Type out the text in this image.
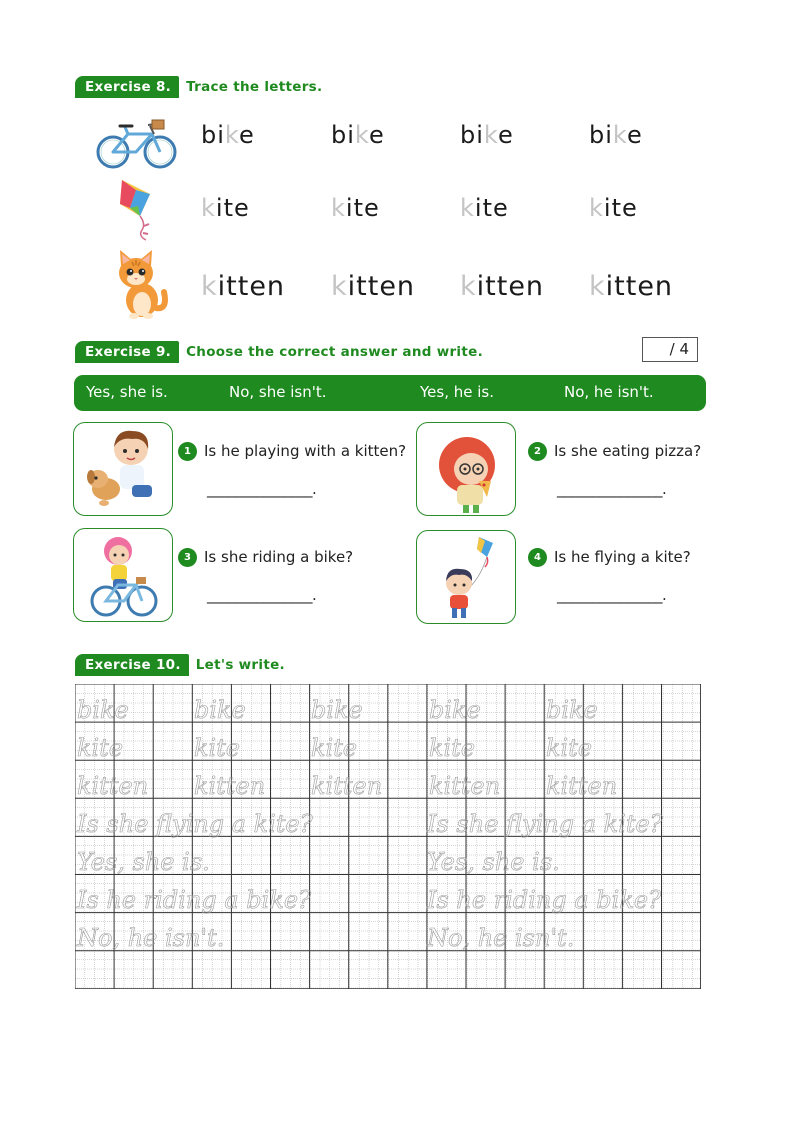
Exercise 8.	Trace the letters.
bike	bike	bike	bike
kite	kite	kite	kite
kitten kitten kitten kitten
Exercise 9.	Choose the correct answer and write.	/ 4
Yes, she is.	No, she isn't.	Yes, he is.	No, he isn't.
1 Is he playing with a kitten?
_______________.
2 Is she eating pizza?
_______________.
3 Is she riding a bike?
_______________.
4 Is he flying a kite?
_______________.
Exercise 10.	Let's write.
bike	bike	bike	bike	bike
kite	kite	kite	kite	kite
kitten kitten kitten kitten kitten
Is she flying a kite?	Is she flying a kite?
Yes, she is.	Yes, she is.
Is he riding a bike?	Is he riding a bike?
No, he isn't.	No, he isn't.
